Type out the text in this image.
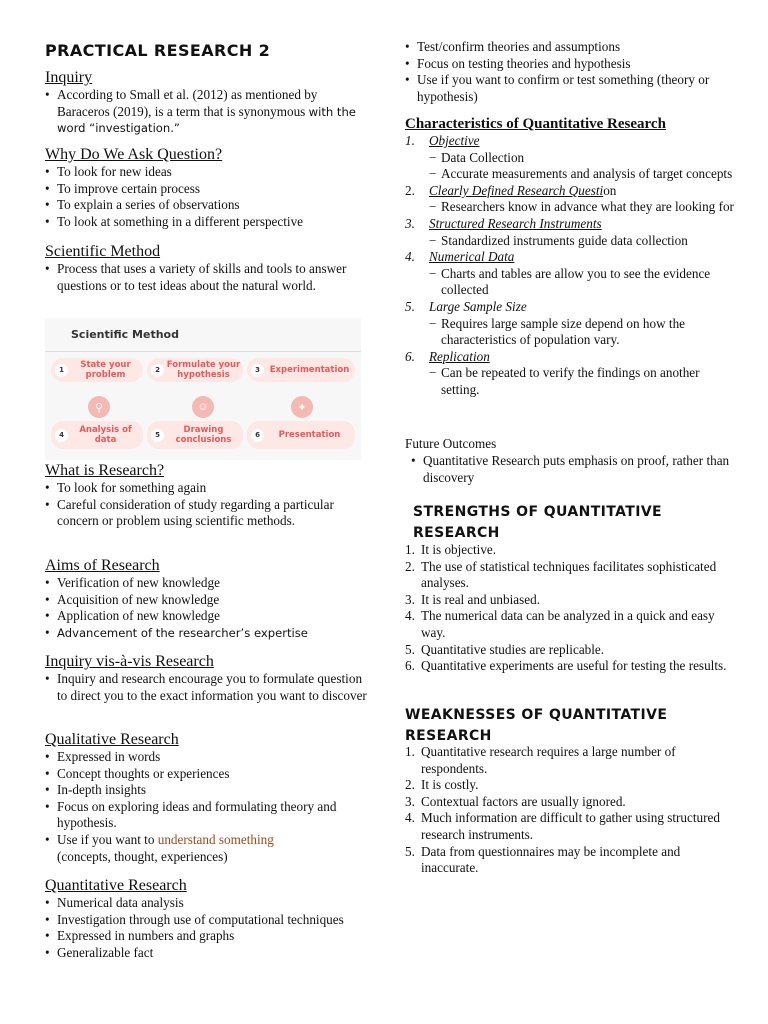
PRACTICAL RESEARCH 2
Inquiry
• According to Small et al. (2012) as mentioned by Baraceros (2019), is a term that is synonymous with the word “investigation.”
Why Do We Ask Question?
• To look for new ideas
• To improve certain process
• To explain a series of observations
• To look at something in a different perspective
Scientific Method
• Process that uses a variety of skills and tools to answer questions or to test ideas about the natural world.
Scientific Method
1	State your problem	2 Formulate your hypothesis	3	Experimentation
⚲	☺	✦
4	Analysis of data	5	Drawing conclusions	6	Presentation
What is Research?
• To look for something again
• Careful consideration of study regarding a particular concern or problem using scientific methods.
Aims of Research
• Verification of new knowledge
• Acquisition of new knowledge
• Application of new knowledge
• Advancement of the researcher’s expertise
Inquiry vis-à-vis Research
• Inquiry and research encourage you to formulate question to direct you to the exact information you want to discover
Qualitative Research
• Expressed in words
• Concept thoughts or experiences
• In-depth insights
• Focus on exploring ideas and formulating theory and hypothesis.
• Use if you want to understand something
(concepts, thought, experiences)
Quantitative Research
• Numerical data analysis
• Investigation through use of computational techniques
• Expressed in numbers and graphs
• Generalizable fact
• Test/confirm theories and assumptions
• Focus on testing theories and hypothesis
• Use if you want to confirm or test something (theory or hypothesis)
Characteristics of Quantitative Research
1.	Objective
− Data Collection
− Accurate measurements and analysis of target concepts
2.	Clearly Defined Research Question
− Researchers know in advance what they are looking for
3.	Structured Research Instruments
− Standardized instruments guide data collection
4.	Numerical Data
− Charts and tables are allow you to see the evidence collected
5.	Large Sample Size
− Requires large sample size depend on how the characteristics of population vary.
6.	Replication
− Can be repeated to verify the findings on another setting.
Future Outcomes
• Quantitative Research puts emphasis on proof, rather than discovery
STRENGTHS OF QUANTITATIVE RESEARCH
1. It is objective.
2. The use of statistical techniques facilitates sophisticated analyses.
3. It is real and unbiased.
4. The numerical data can be analyzed in a quick and easy way.
5. Quantitative studies are replicable.
6. Quantitative experiments are useful for testing the results.
WEAKNESSES OF QUANTITATIVE RESEARCH
1. Quantitative research requires a large number of respondents.
2. It is costly.
3. Contextual factors are usually ignored.
4. Much information are difficult to gather using structured research instruments.
5. Data from questionnaires may be incomplete and inaccurate.
